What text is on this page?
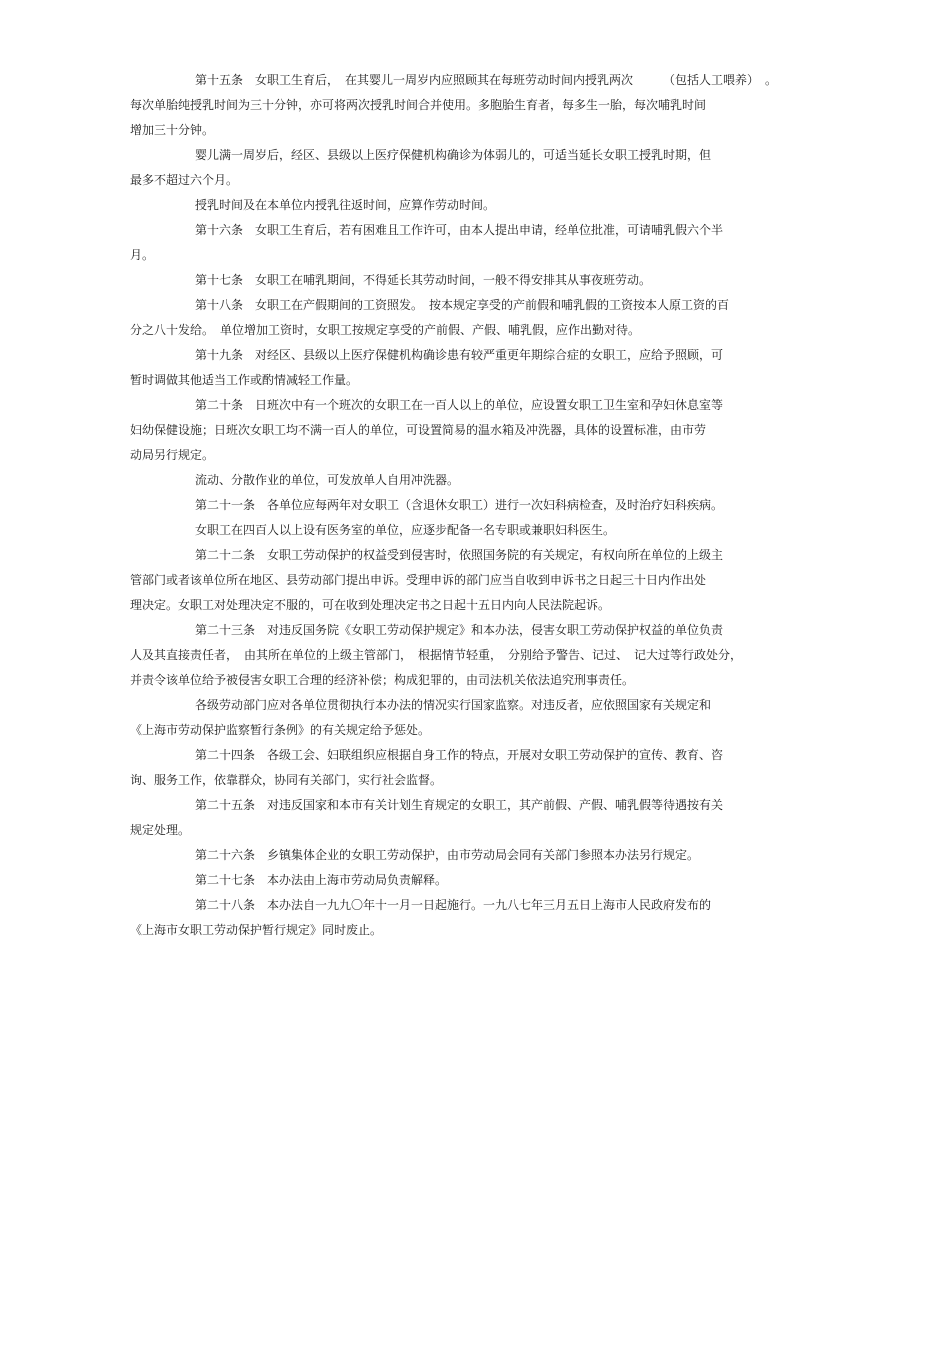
第十五条　女职工生育后，　在其婴儿一周岁内应照顾其在每班劳动时间内授乳两次　　　（包括人工喂养）　。
每次单胎纯授乳时间为三十分钟，亦可将两次授乳时间合并使用。多胞胎生育者，每多生一胎，每次哺乳时间
增加三十分钟。
婴儿满一周岁后，经区、县级以上医疗保健机构确诊为体弱儿的，可适当延长女职工授乳时期，但
最多不超过六个月。
授乳时间及在本单位内授乳往返时间，应算作劳动时间。
第十六条　女职工生育后，若有困难且工作许可，由本人提出申请，经单位批准，可请哺乳假六个半
月。
第十七条　女职工在哺乳期间，不得延长其劳动时间，一般不得安排其从事夜班劳动。
第十八条　女职工在产假期间的工资照发。　按本规定享受的产前假和哺乳假的工资按本人原工资的百
分之八十发给。　单位增加工资时，女职工按规定享受的产前假、产假、哺乳假，应作出勤对待。
第十九条　对经区、县级以上医疗保健机构确诊患有较严重更年期综合症的女职工，应给予照顾，可
暂时调做其他适当工作或酌情减轻工作量。
第二十条　日班次中有一个班次的女职工在一百人以上的单位，应设置女职工卫生室和孕妇休息室等
妇幼保健设施；日班次女职工均不满一百人的单位，可设置简易的温水箱及冲洗器，具体的设置标准，由市劳
动局另行规定。
流动、分散作业的单位，可发放单人自用冲洗器。
第二十一条　各单位应每两年对女职工（含退休女职工）进行一次妇科病检查，及时治疗妇科疾病。
女职工在四百人以上设有医务室的单位，应逐步配备一名专职或兼职妇科医生。
第二十二条　女职工劳动保护的权益受到侵害时，依照国务院的有关规定，有权向所在单位的上级主
管部门或者该单位所在地区、县劳动部门提出申诉。受理申诉的部门应当自收到申诉书之日起三十日内作出处
理决定。女职工对处理决定不服的，可在收到处理决定书之日起十五日内向人民法院起诉。
第二十三条　对违反国务院《女职工劳动保护规定》和本办法，侵害女职工劳动保护权益的单位负责
人及其直接责任者，　由其所在单位的上级主管部门，　根据情节轻重，　分别给予警告、记过、　记大过等行政处分，
并责令该单位给予被侵害女职工合理的经济补偿；构成犯罪的，由司法机关依法追究刑事责任。
各级劳动部门应对各单位贯彻执行本办法的情况实行国家监察。对违反者，应依照国家有关规定和
《上海市劳动保护监察暂行条例》的有关规定给予惩处。
第二十四条　各级工会、妇联组织应根据自身工作的特点，开展对女职工劳动保护的宣传、教育、咨
询、服务工作，依靠群众，协同有关部门，实行社会监督。
第二十五条　对违反国家和本市有关计划生育规定的女职工，其产前假、产假、哺乳假等待遇按有关
规定处理。
第二十六条　乡镇集体企业的女职工劳动保护，由市劳动局会同有关部门参照本办法另行规定。
第二十七条　本办法由上海市劳动局负责解释。
第二十八条　本办法自一九九〇年十一月一日起施行。一九八七年三月五日上海市人民政府发布的
《上海市女职工劳动保护暂行规定》同时废止。
